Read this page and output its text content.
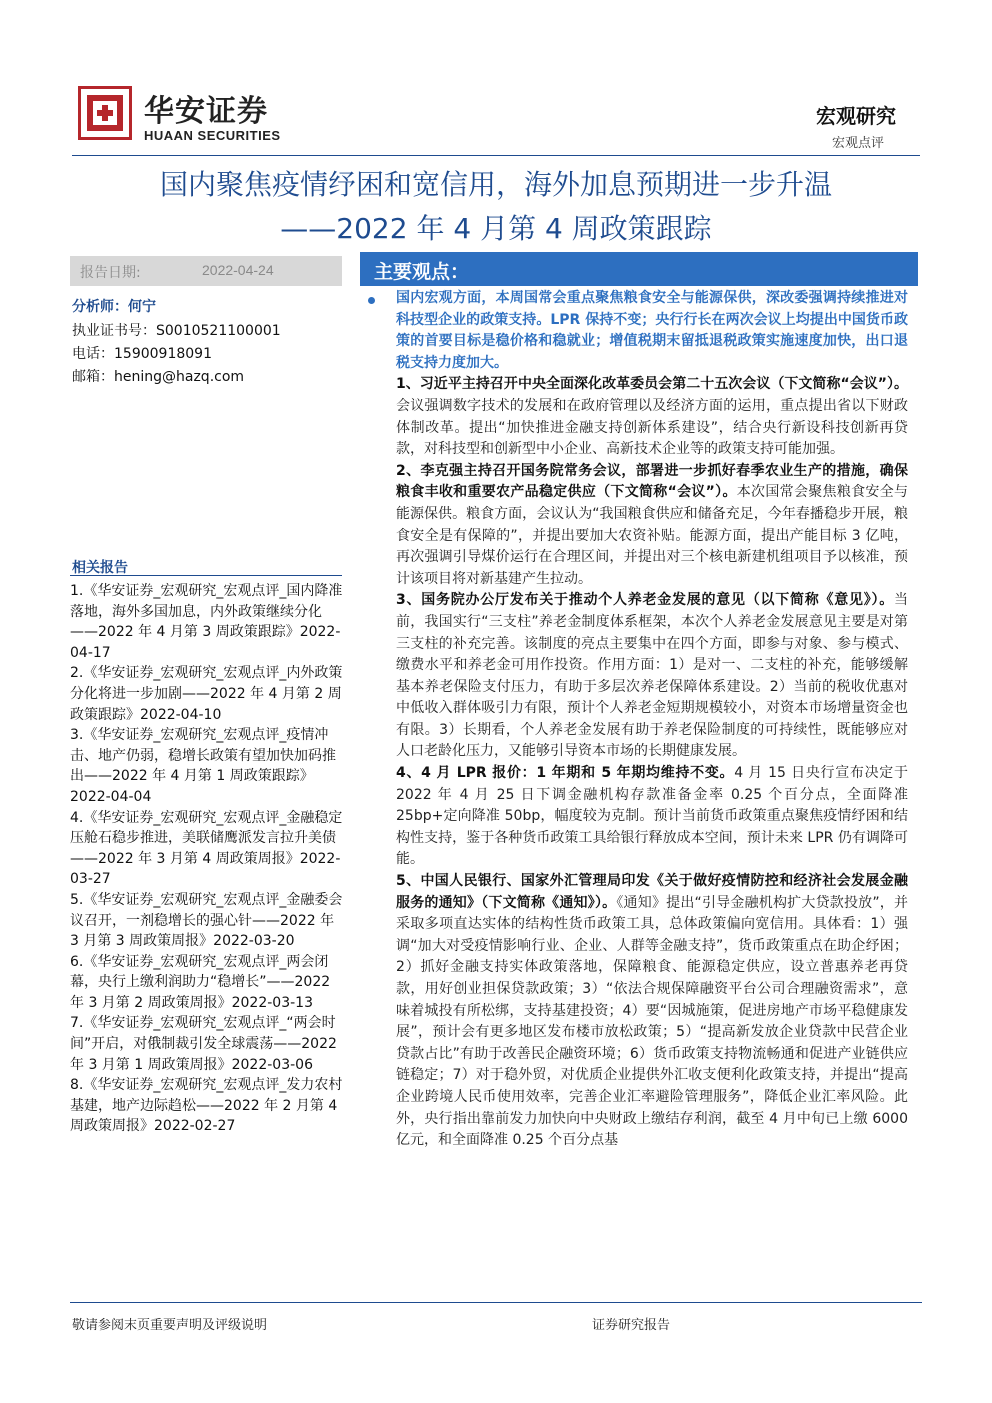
华安证券
HUAAN SECURITIES
宏观研究
宏观点评
国内聚焦疫情纾困和宽信用，海外加息预期进一步升温
——2022 年 4 月第 4 周政策跟踪
报告日期:	2022-04-24
分析师：何宁
执业证书号：S0010521100001
电话：15900918091
邮箱：hening@hazq.com
相关报告
1.《华安证券_宏观研究_宏观点评_国内降准落地，海外多国加息，内外政策继续分化——2022 年 4 月第 3 周政策跟踪》2022-04-17
2.《华安证券_宏观研究_宏观点评_内外政策分化将进一步加剧——2022 年 4 月第 2 周政策跟踪》2022-04-10
3.《华安证券_宏观研究_宏观点评_疫情冲击、地产仍弱，稳增长政策有望加快加码推出——2022 年 4 月第 1 周政策跟踪》2022-04-04
4.《华安证券_宏观研究_宏观点评_金融稳定压舱石稳步推进，美联储鹰派发言拉升美债——2022 年 3 月第 4 周政策周报》2022-03-27
5.《华安证券_宏观研究_宏观点评_金融委会议召开，一剂稳增长的强心针——2022 年 3 月第 3 周政策周报》2022-03-20
6.《华安证券_宏观研究_宏观点评_两会闭幕，央行上缴利润助力“稳增长”——2022 年 3 月第 2 周政策周报》2022-03-13
7.《华安证券_宏观研究_宏观点评_“两会时间”开启，对俄制裁引发全球震荡——2022 年 3 月第 1 周政策周报》2022-03-06
8.《华安证券_宏观研究_宏观点评_发力农村基建，地产边际趋松——2022 年 2 月第 4 周政策周报》2022-02-27
主要观点：
国内宏观方面，本周国常会重点聚焦粮食安全与能源保供，深改委强调持续推进对科技型企业的政策支持。LPR 保持不变；央行行长在两次会议上均提出中国货币政策的首要目标是稳价格和稳就业；增值税期末留抵退税政策实施速度加快，出口退税支持力度加大。
1、习近平主持召开中央全面深化改革委员会第二十五次会议（下文简称“会议”）。会议强调数字技术的发展和在政府管理以及经济方面的运用，重点提出省以下财政体制改革。提出“加快推进金融支持创新体系建设”，结合央行新设科技创新再贷款，对科技型和创新型中小企业、高新技术企业等的政策支持可能加强。
2、李克强主持召开国务院常务会议，部署进一步抓好春季农业生产的措施，确保粮食丰收和重要农产品稳定供应（下文简称“会议”）。本次国常会聚焦粮食安全与能源保供。粮食方面，会议认为“我国粮食供应和储备充足，今年春播稳步开展，粮食安全是有保障的”，并提出要加大农资补贴。能源方面，提出产能目标 3 亿吨，再次强调引导煤价运行在合理区间，并提出对三个核电新建机组项目予以核准，预计该项目将对新基建产生拉动。
3、国务院办公厅发布关于推动个人养老金发展的意见（以下简称《意见》）。当前，我国实行“三支柱”养老金制度体系框架，本次个人养老金发展意见主要是对第三支柱的补充完善。该制度的亮点主要集中在四个方面，即参与对象、参与模式、缴费水平和养老金可用作投资。作用方面：1）是对一、二支柱的补充，能够缓解基本养老保险支付压力，有助于多层次养老保障体系建设。2）当前的税收优惠对中低收入群体吸引力有限，预计个人养老金短期规模较小，对资本市场增量资金也有限。3）长期看，个人养老金发展有助于养老保险制度的可持续性，既能够应对人口老龄化压力，又能够引导资本市场的长期健康发展。
4、4 月 LPR 报价：1 年期和 5 年期均维持不变。4 月 15 日央行宣布决定于 2022 年 4 月 25 日下调金融机构存款准备金率 0.25 个百分点，全面降准 25bp+定向降准 50bp，幅度较为克制。预计当前货币政策重点聚焦疫情纾困和结构性支持，鉴于各种货币政策工具给银行释放成本空间，预计未来 LPR 仍有调降可能。
5、中国人民银行、国家外汇管理局印发《关于做好疫情防控和经济社会发展金融服务的通知》（下文简称《通知》）。《通知》提出“引导金融机构扩大贷款投放”，并采取多项直达实体的结构性货币政策工具，总体政策偏向宽信用。具体看：1）强调“加大对受疫情影响行业、企业、人群等金融支持”，货币政策重点在助企纾困；2）抓好金融支持实体政策落地，保障粮食、能源稳定供应，设立普惠养老再贷款，用好创业担保贷款政策；3）“依法合规保障融资平台公司合理融资需求”，意味着城投有所松绑，支持基建投资；4）要“因城施策，促进房地产市场平稳健康发展”，预计会有更多地区发布楼市放松政策；5）“提高新发放企业贷款中民营企业贷款占比”有助于改善民企融资环境；6）货币政策支持物流畅通和促进产业链供应链稳定；7）对于稳外贸，对优质企业提供外汇收支便利化政策支持，并提出“提高企业跨境人民币使用效率，完善企业汇率避险管理服务”，降低企业汇率风险。此外，央行指出靠前发力加快向中央财政上缴结存利润，截至 4 月中旬已上缴 6000 亿元，和全面降准 0.25 个百分点基
敬请参阅末页重要声明及评级说明	证券研究报告
